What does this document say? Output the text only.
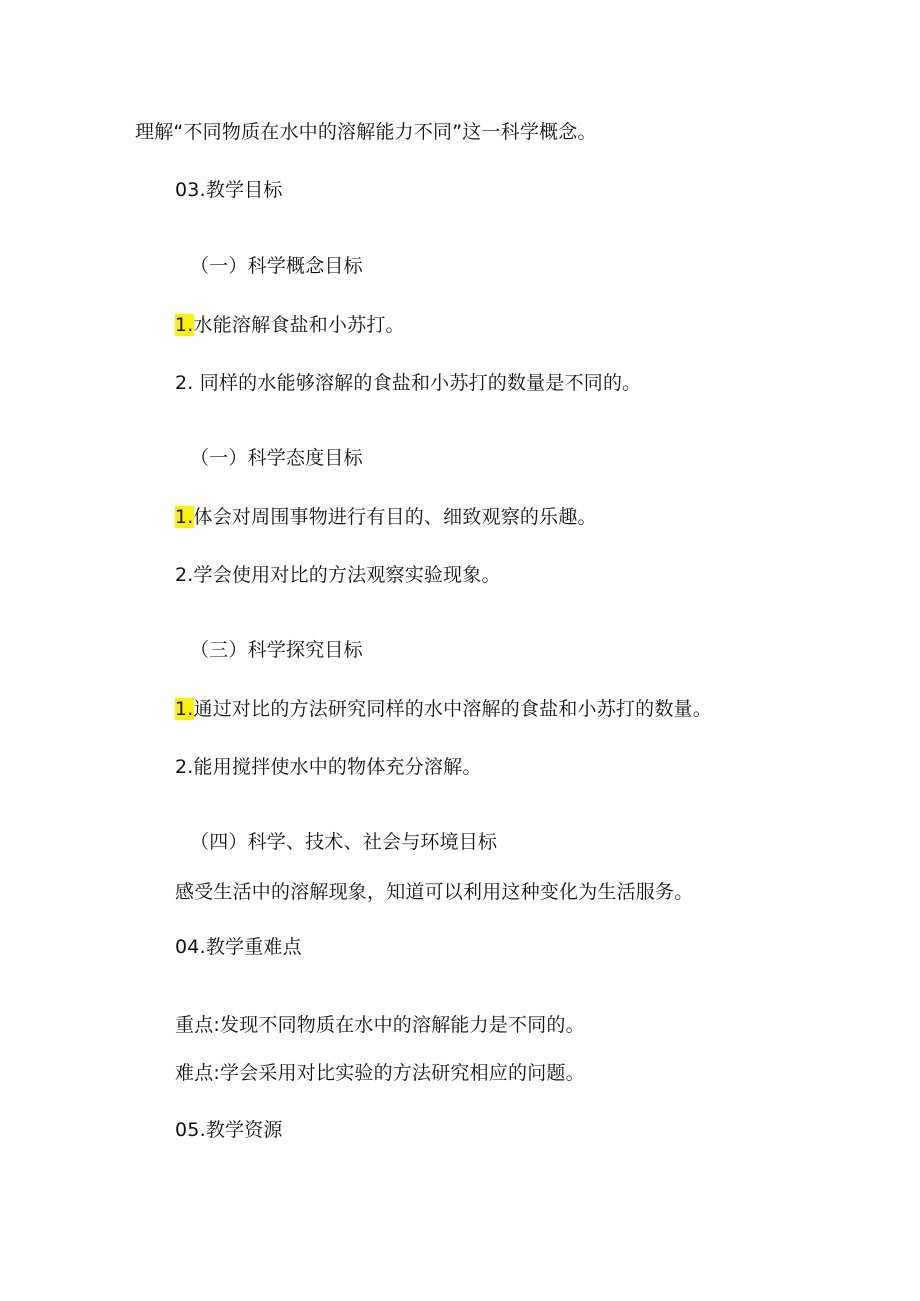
理解“不同物质在水中的溶解能力不同”这一科学概念。
03.教学目标
（一）科学概念目标
1.水能溶解食盐和小苏打。
2. 同样的水能够溶解的食盐和小苏打的数量是不同的。
（一）科学态度目标
1.体会对周围事物进行有目的、细致观察的乐趣。
2.学会使用对比的方法观察实验现象。
（三）科学探究目标
1.通过对比的方法研究同样的水中溶解的食盐和小苏打的数量。
2.能用搅拌使水中的物体充分溶解。
（四）科学、技术、社会与环境目标
感受生活中的溶解现象，知道可以利用这种变化为生活服务。
04.教学重难点
重点:发现不同物质在水中的溶解能力是不同的。
难点:学会采用对比实验的方法研究相应的问题。
05.教学资源
